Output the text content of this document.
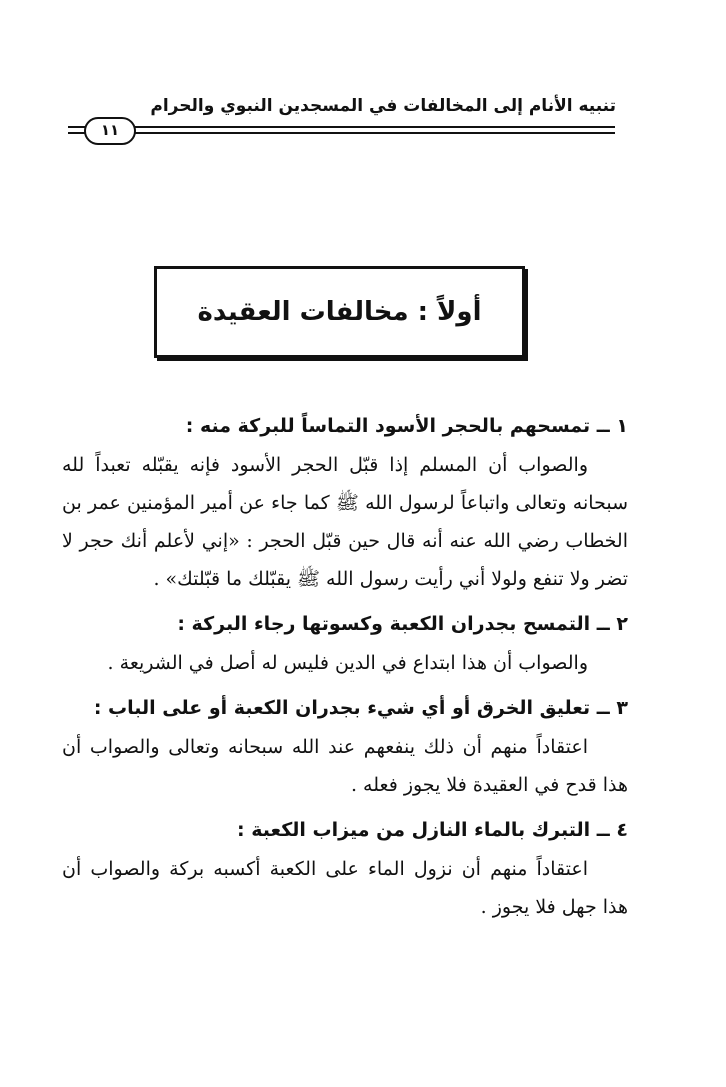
تنبيه الأنام إلى المخالفات في المسجدين النبوي والحرام
١١
أولاً : مخالفات العقيدة

١ ــ تمسحهم بالحجر الأسود التماساً للبركة منه :

والصواب أن المسلم إذا قبّل الحجر الأسود فإنه يقبّله تعبداً لله سبحانه وتعالى واتباعاً لرسول الله ﷺ كما جاء عن أمير المؤمنين عمر بن الخطاب رضي الله عنه أنه قال حين قبّل الحجر : «إني لأعلم أنك حجر لا تضر ولا تنفع ولولا أني رأيت رسول الله ﷺ يقبّلك ما قبّلتك» .

٢ ــ التمسح بجدران الكعبة وكسوتها رجاء البركة :

والصواب أن هذا ابتداع في الدين فليس له أصل في الشريعة .

٣ ــ تعليق الخرق أو أي شيء بجدران الكعبة أو على الباب :

اعتقاداً منهم أن ذلك ينفعهم عند الله سبحانه وتعالى والصواب أن هذا قدح في العقيدة فلا يجوز فعله .

٤ ــ التبرك بالماء النازل من ميزاب الكعبة :

اعتقاداً منهم أن نزول الماء على الكعبة أكسبه بركة والصواب أن هذا جهل فلا يجوز .
